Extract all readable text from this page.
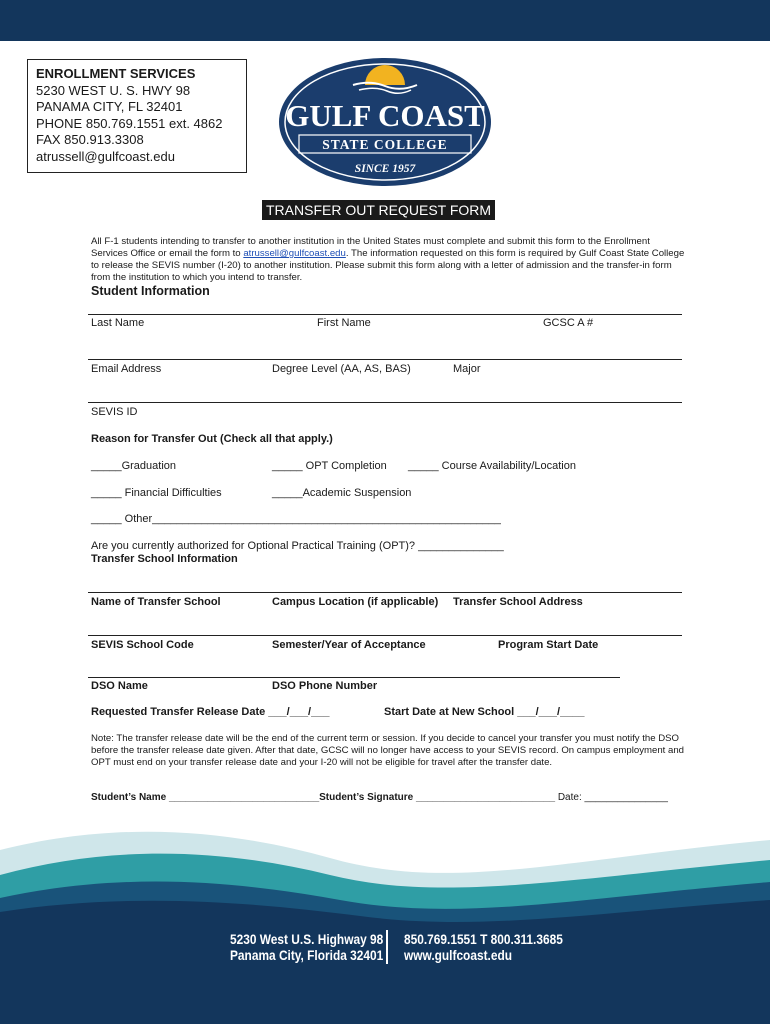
ENROLLMENT SERVICES
5230 WEST U. S. HWY 98
PANAMA CITY, FL 32401
PHONE 850.769.1551 ext. 4862
FAX 850.913.3308
atrussell@gulfcoast.edu
GULF COAST
STATE COLLEGE
SINCE 1957
TRANSFER OUT REQUEST FORM
All F-1 students intending to transfer to another institution in the United States must complete and submit this form to the Enrollment Services Office or email the form to atrussell@gulfcoast.edu. The information requested on this form is required by Gulf Coast State College to release the SEVIS number (I-20) to another institution. Please submit this form along with a letter of admission and the transfer-in form from the institution to which you intend to transfer.
Student Information
Last Name	First Name	GCSC A #
Email Address	Degree Level (AA, AS, BAS)	Major
SEVIS ID
Reason for Transfer Out (Check all that apply.)
_____Graduation	_____ OPT Completion _____ Course Availability/Location
_____ Financial Difficulties	_____Academic Suspension
_____ Other_________________________________________________________
Are you currently authorized for Optional Practical Training (OPT)? ______________
Transfer School Information
Name of Transfer School	Campus Location (if applicable) Transfer School Address
SEVIS School Code	Semester/Year of Acceptance	Program Start Date
DSO Name	DSO Phone Number
Requested Transfer Release Date ___/___/___	Start Date at New School ___/___/____
Note: The transfer release date will be the end of the current term or session. If you decide to cancel your transfer you must notify the DSO before the transfer release date given. After that date, GCSC will no longer have access to your SEVIS record. On campus employment and OPT must end on your transfer release date and your I-20 will not be eligible for travel after the transfer date.
Student’s Name ___________________________Student’s Signature _________________________ Date: _______________
5230 West U.S. Highway 98
Panama City, Florida 32401
850.769.1551 T 800.311.3685
www.gulfcoast.edu
